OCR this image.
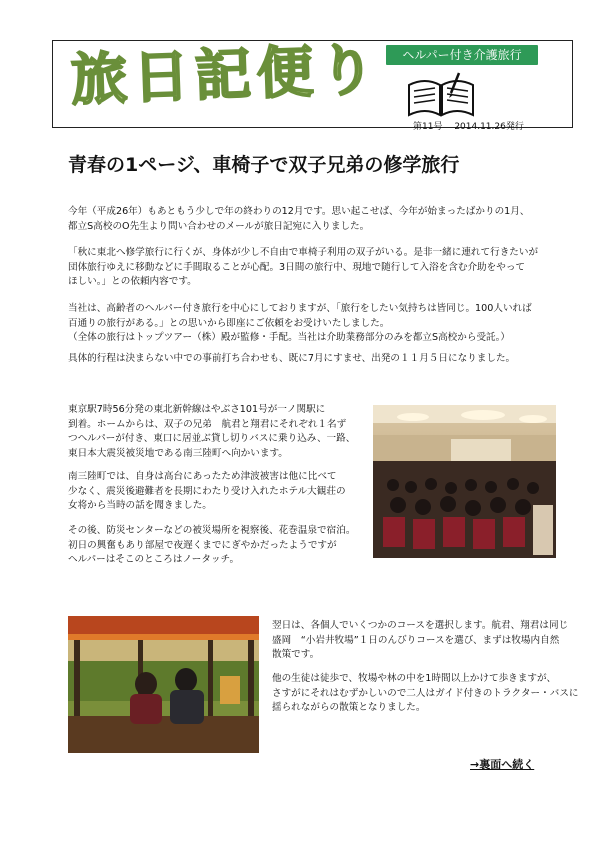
旅日記便り	ヘルパー付き介護旅行
第11号　 2014.11.26発行
青春の1ページ、車椅子で双子兄弟の修学旅行

今年（平成26年）もあともう少しで年の終わりの12月です。思い起こせば、今年が始まったばかりの1月、

都立S高校のO先生より問い合わせのメールが旅日記宛に入りました。

「秋に東北へ修学旅行に行くが、身体が少し不自由で車椅子利用の双子がいる。是非一緒に連れて行きたいが

団体旅行ゆえに移動などに手間取ることが心配。3日間の旅行中、現地で随行して入浴を含む介助をやって

ほしい。」との依頼内容です。

当社は、高齢者のヘルパー付き旅行を中心にしておりますが、「旅行をしたい気持ちは皆同じ。100人いれば

百通りの旅行がある。」との思いから即座にご依頼をお受けいたしました。

（全体の旅行はトップツアー（株）殿が監修・手配。当社は介助業務部分のみを都立S高校から受託。）

具体的行程は決まらない中での事前打ち合わせも、既に7月にすませ、出発の１１月５日になりました。

東京駅7時56分発の東北新幹線はやぶさ101号が一ノ関駅に

到着。ホームからは、双子の兄弟　航君と翔君にそれぞれ１名ず

つヘルパーが付き、東口に居並ぶ貸し切りバスに乗り込み、一路、

東日本大震災被災地である南三陸町へ向かいます。

南三陸町では、自身は高台にあったため津波被害は他に比べて

少なく、震災後避難者を長期にわたり受け入れたホテル大観荘の

女将から当時の話を聞きました。

その後、防災センターなどの被災場所を視察後、花巻温泉で宿泊。

初日の興奮もあり部屋で夜遅くまでにぎやかだったようですが

ヘルパーはそこのところはノータッチ。

翌日は、各個人でいくつかのコースを選択します。航君、翔君は同じ

盛岡　“小岩井牧場”１日のんびりコースを選び、まずは牧場内自然

散策です。

他の生徒は徒歩で、牧場や林の中を1時間以上かけて歩きますが、

さすがにそれはむずかしいので二人はガイド付きのトラクター・バスに

揺られながらの散策となりました。

→裏面へ続く
